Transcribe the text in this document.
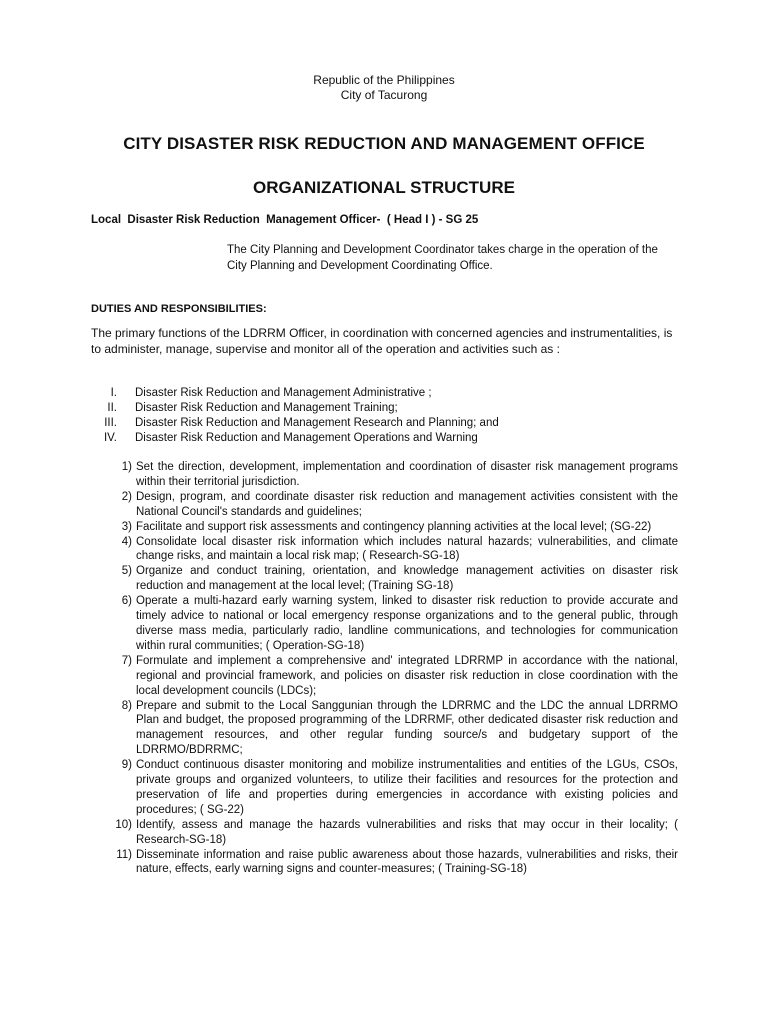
Republic of the Philippines
City of Tacurong
CITY DISASTER RISK REDUCTION AND MANAGEMENT OFFICE
ORGANIZATIONAL STRUCTURE
Local  Disaster Risk Reduction  Management Officer-  ( Head I ) - SG 25
The City Planning and Development Coordinator takes charge in the operation of the City Planning and Development Coordinating Office.
DUTIES AND RESPONSIBILITIES:
The primary functions of the LDRRM Officer, in coordination with concerned agencies and instrumentalities, is to administer, manage, supervise and monitor all of the operation and activities such as :
I. Disaster Risk Reduction and Management Administrative ;
II. Disaster Risk Reduction and Management Training;
III. Disaster Risk Reduction and Management Research and Planning; and
IV. Disaster Risk Reduction and Management Operations and Warning
1) Set the direction, development, implementation and coordination of disaster risk management programs within their territorial jurisdiction.
2) Design, program, and coordinate disaster risk reduction and management activities consistent with the National Council's standards and guidelines;
3) Facilitate and support risk assessments and contingency planning activities at the local level; (SG-22)
4) Consolidate local disaster risk information which includes natural hazards; vulnerabilities, and climate change risks, and maintain a local risk map; ( Research-SG-18)
5) Organize and conduct training, orientation, and knowledge management activities on disaster risk reduction and management at the local level; (Training SG-18)
6) Operate a multi-hazard early warning system, linked to disaster risk reduction to provide accurate and timely advice to national or local emergency response organizations and to the general public, through diverse mass media, particularly radio, landline communications, and technologies for communication within rural communities; ( Operation-SG-18)
7) Formulate and implement a comprehensive and' integrated LDRRMP in accordance with the national, regional and provincial framework, and policies on disaster risk reduction in close coordination with the local development councils (LDCs);
8) Prepare and submit to the Local Sanggunian through the LDRRMC and the LDC the annual LDRRMO Plan and budget, the proposed programming of the LDRRMF, other dedicated disaster risk reduction and management resources, and other regular funding source/s and budgetary support of the LDRRMO/BDRRMC;
9) Conduct continuous disaster monitoring and mobilize instrumentalities and entities of the LGUs, CSOs, private groups and organized volunteers, to utilize their facilities and resources for the protection and preservation of life and properties during emergencies in accordance with existing policies and procedures; ( SG-22)
10) Identify, assess and manage the hazards vulnerabilities and risks that may occur in their locality; ( Research-SG-18)
11) Disseminate information and raise public awareness about those hazards, vulnerabilities and risks, their nature, effects, early warning signs and counter-measures; ( Training-SG-18)
